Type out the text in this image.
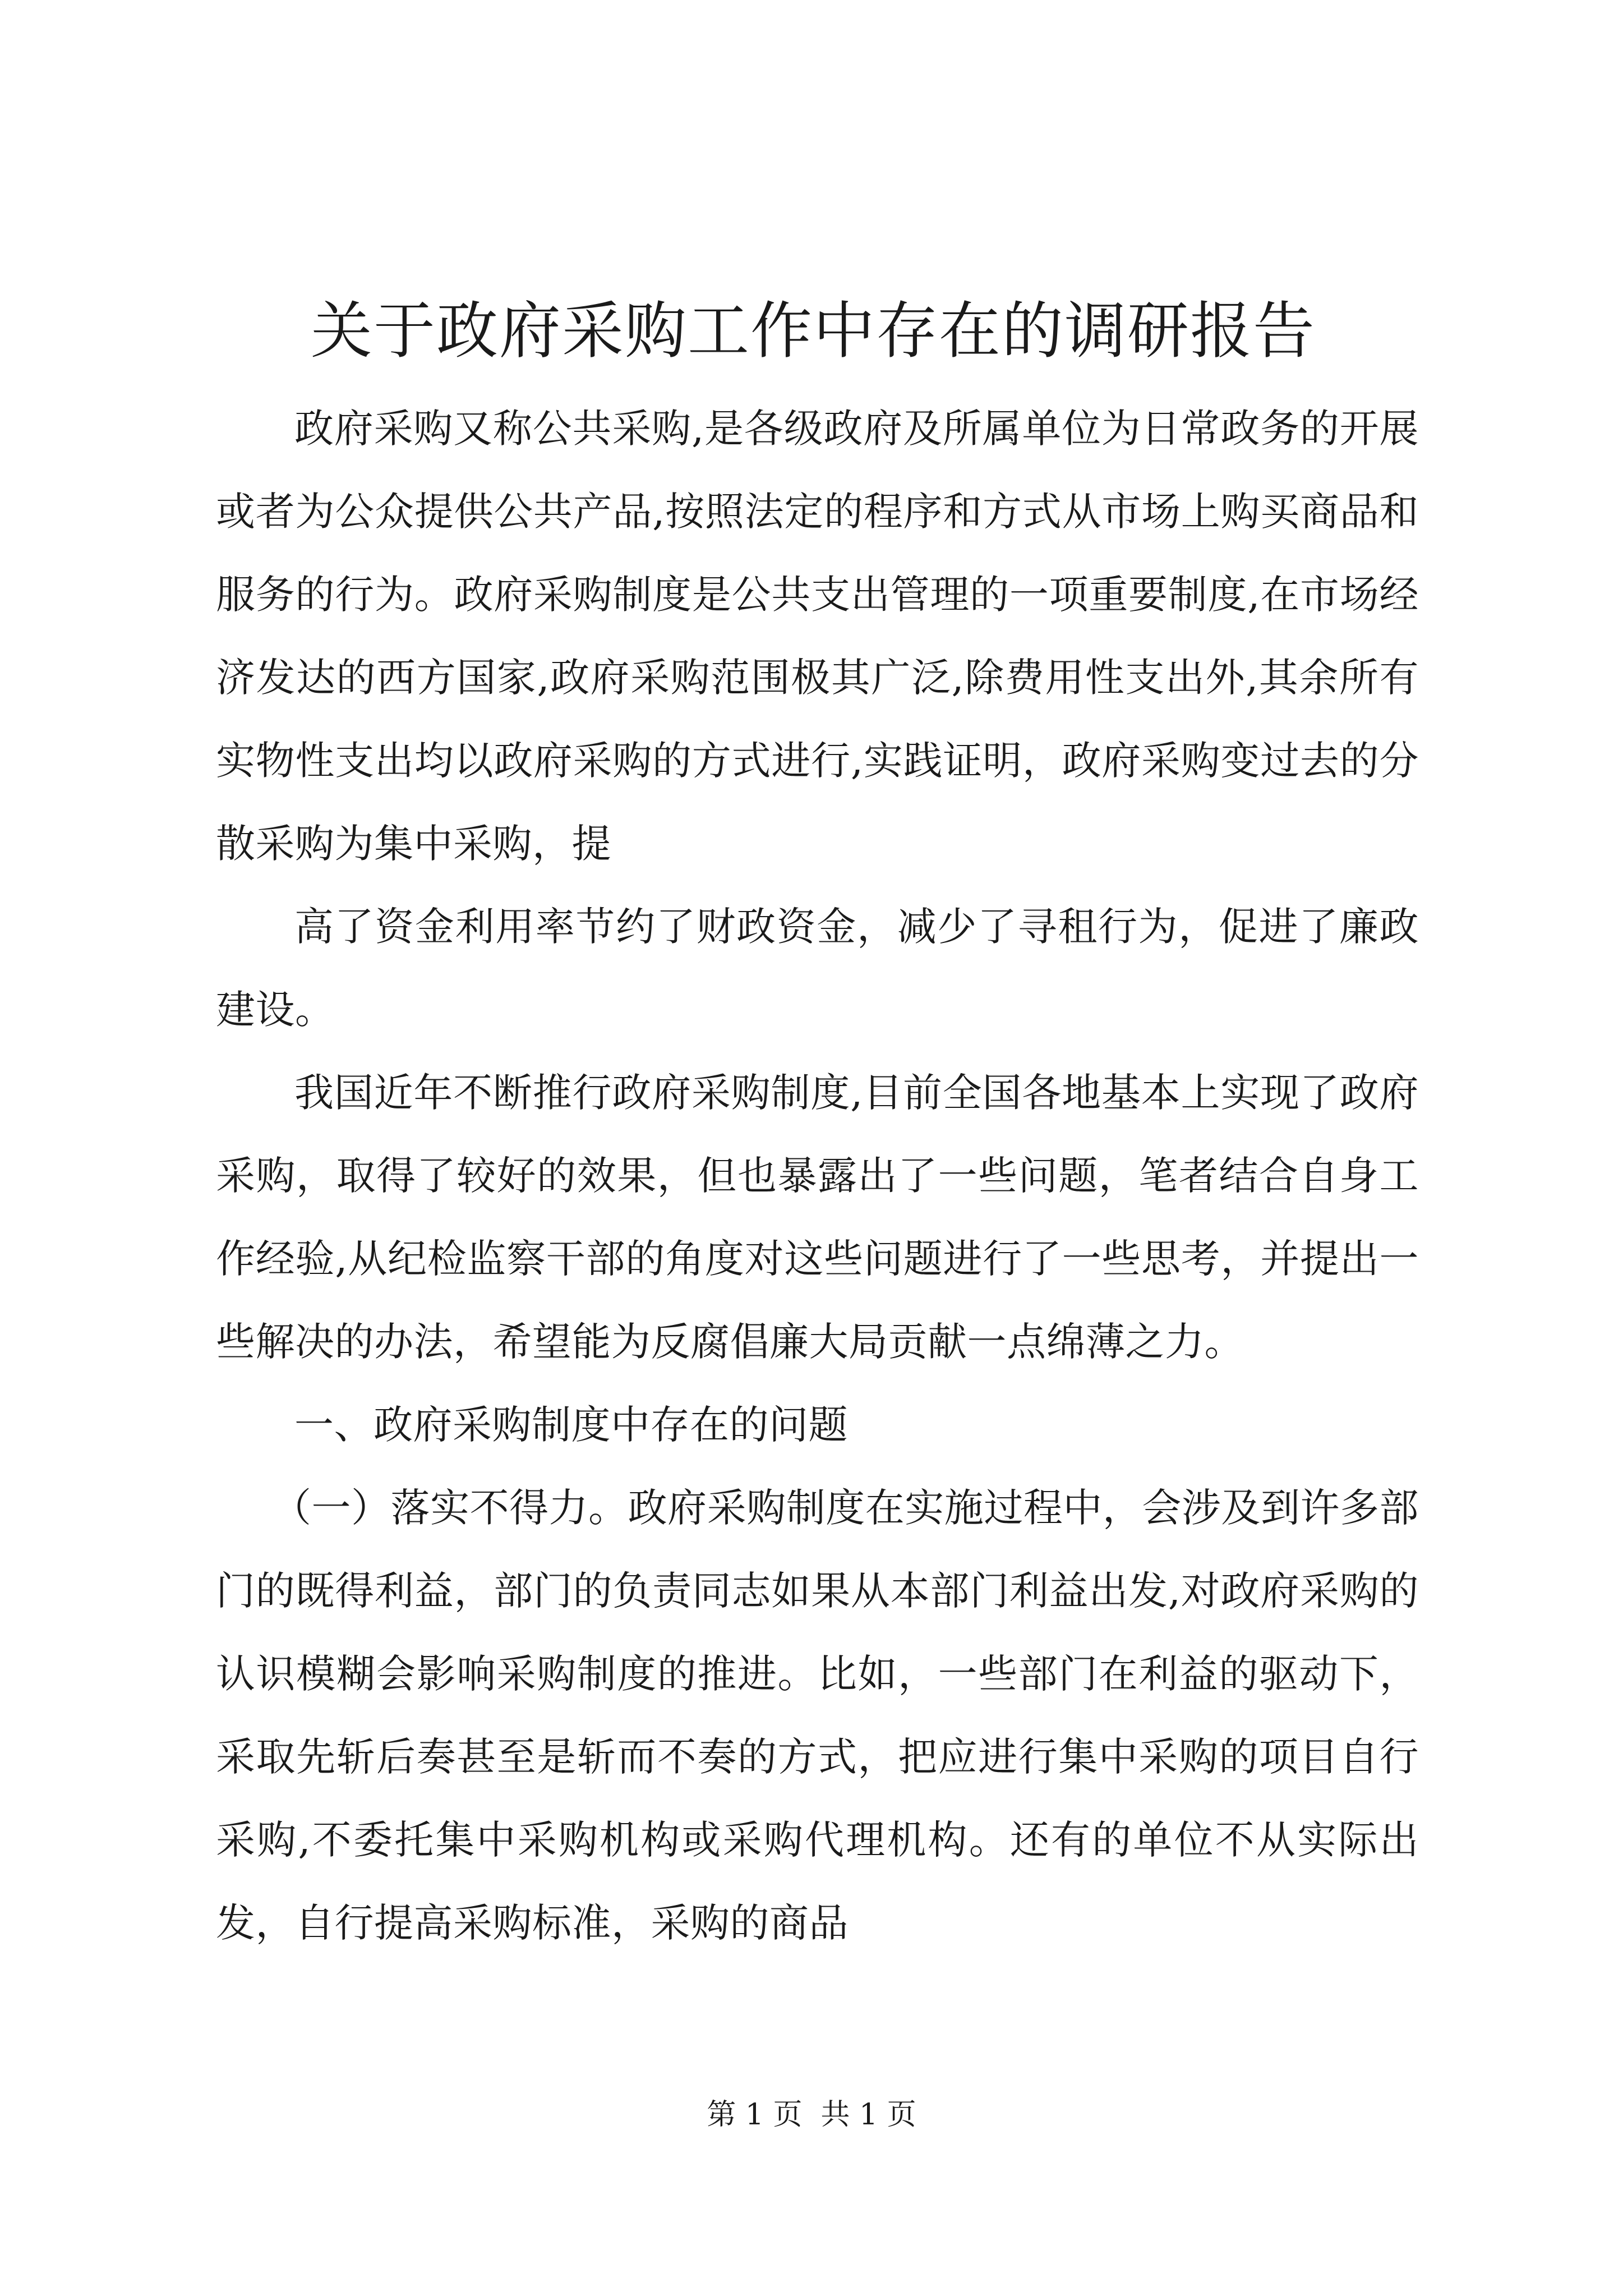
关于政府采购工作中存在的调研报告

政府采购又称公共采购,是各级政府及所属单位为日常政务的开展或者为公众提供公共产品,按照法定的程序和方式从市场上购买商品和服务的行为。政府采购制度是公共支出管理的一项重要制度,在市场经济发达的西方国家,政府采购范围极其广泛,除费用性支出外,其余所有实物性支出均以政府采购的方式进行,实践证明，政府采购变过去的分散采购为集中采购，提

高了资金利用率节约了财政资金，减少了寻租行为，促进了廉政建设。

我国近年不断推行政府采购制度,目前全国各地基本上实现了政府采购，取得了较好的效果，但也暴露出了一些问题，笔者结合自身工作经验,从纪检监察干部的角度对这些问题进行了一些思考，并提出一些解决的办法，希望能为反腐倡廉大局贡献一点绵薄之力。

一、政府采购制度中存在的问题

（一）落实不得力。政府采购制度在实施过程中，会涉及到许多部门的既得利益，部门的负责同志如果从本部门利益出发,对政府采购的认识模糊会影响采购制度的推进。比如，一些部门在利益的驱动下，采取先斩后奏甚至是斩而不奏的方式，把应进行集中采购的项目自行采购,不委托集中采购机构或采购代理机构。还有的单位不从实际出发，自行提高采购标准，采购的商品

第 1 页  共 1 页
